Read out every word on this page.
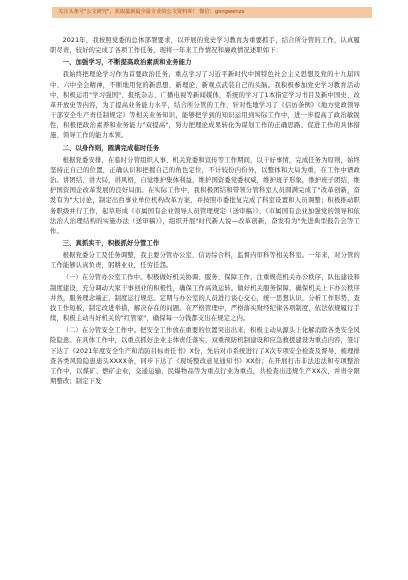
关注头条号"公文研究"，获取最新最全最专业的公文资料库！ 微信：gongwenzx

2021年，我按照党委的总体部署要求，以开展的党史学习教育为重要抓手，结合所分管的工作，认真履职尽责，较好的完成了各项工作任务，现将一年来工作情况和廉政情况述职如下：

一、加强学习，不断提高政治素质和业务能力

我始终把理论学习作为首要政治任务，重点学习了习近平新时代中国特色社会主义思想及党的十九届四中、六中全会精神，不断地用党的新思想、新理论、新观点武装自己的头脑。我积极参加党史学习教育活动中，积极运用"学习强国"、报纸杂志、广播电视等新闻媒体，系统的学习了1本指定学习书目及新中国史、改革开放史等内容，为了提高业务能力水平，结合所分管的工作，针对性地学习了《信访条例》《地方党政领导干部安全生产责任制规定》等相关业务知识，能够把学到的知识运用到实际工作中，进一步提高了政治敏锐性，积极把政治素养和业务能力"双提高"，努力把理论成果转化为谋划工作的正确思路、促进工作的具体措施、领导工作的能力本领。

二、以身作则，圆满完成临时任务

根据党委安排，在临时分管组织人事、机关党委和宣传等工作期间，以干好事情，完成任务为原则，始终坚持正自己的位置，正确认识和把握自己的角色定位，不计较份内份外，以整体和大局为重，在工作中谱政治。讲团结、讲大局，讲风格，自觉维护集体利益，维护国资委党委权威，维护班子形象，维护班子团结，维护国资国企改革发展的良好局面。在实际工作中，我积极团结和带领分管科室人员圆满完成了"改革创新，奋发有为"大讨论，制定出台事业单位机构改革方案，并按照市委批复完成了科室设置和人员调整；积极推动职务职级并行工作，起草形成《市属国有企业领导人员管理规定（送审稿）》、《市属国有企业加强党的领导和依法治人治理结构的实施办法（送审稿）》，组织开展"时代新人说—改革创新，奋发有为"先进典型报告会等工作。

三、真抓实干，积极抓好分管工作

根据党委分工及任务调整，我主要分管办公室、信访综合科，监督内审科等相关科室。一年来，对分管的工作能够认真负责，躬耕业业，任劳任怨。

（一）在分管办公室工作中。积极做好机关协调、服务、保障工作，注重规范机关办公秩序，队伍建设和制度建设，充分调动大家干事创业的积极性，确保工作高效运转。做好机关服务保障，确保机关上下办公秩序井然，服务理念端正，制度运行规范。定期与办公室的人员进行谈心交心，统一思想认识，分析工作形势，查找工作短板，制定改进举措，解决存在的问题。在严格管理中，严格落实财经纪律各项制度，依法依规履行手续，积极主动当好机关的"红管家"，确保每一分钱都支出在规定之内。

（二）在分管安全工作中。把安全工作放在重要的位置突出出来，积极主动从源头上化解消除各类安全风险隐患。在具体工作中，以重点抓好企业主体责任落实，双重预防机制建设和应急救援建设为重点内容，签订下达了《2021年度安全生产和消防目标责任书》X份，先后对市系统进行了X次专项安全检查及督导，梳理排查各类风险隐患患头XXXX条，同步下达了《现场整改意见通知书》XX份；在开展打击非法违法和专项整治工作中，以煤矿、燃矿企业，交通运输、民爆物品等为重点行业为重点，共检查出违规生产XX次，并责令限期整改；制定下发
